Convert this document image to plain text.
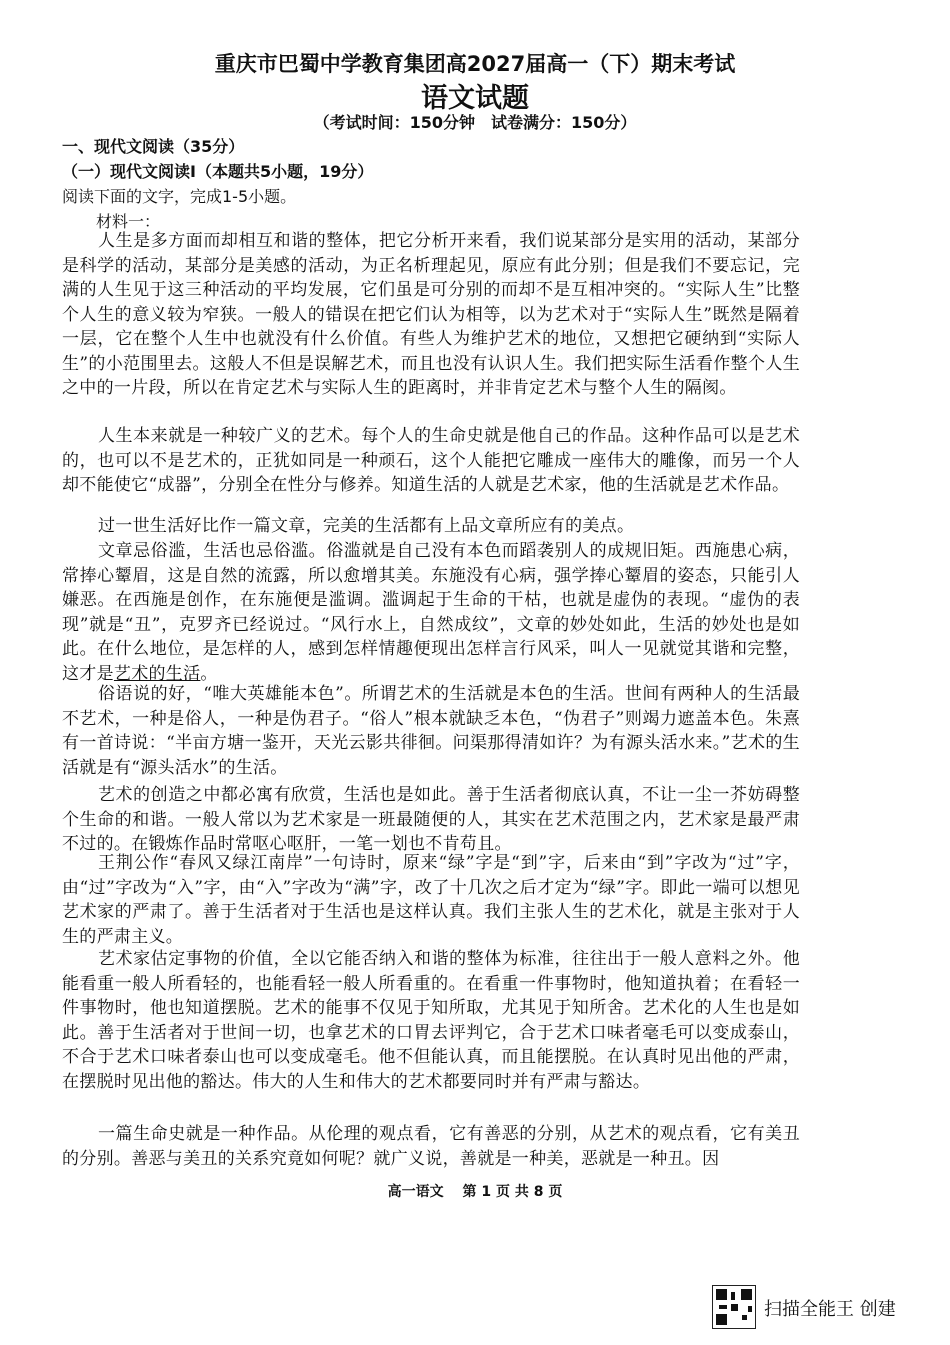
重庆市巴蜀中学教育集团高2027届高一（下）期末考试
语文试题
（考试时间：150分钟　试卷满分：150分）
一、现代文阅读（35分）
（一）现代文阅读Ⅰ（本题共5小题，19分）
阅读下面的文字，完成1-5小题。
材料一：

人生是多方面而却相互和谐的整体，把它分析开来看，我们说某部分是实用的活动，某部分是科学的活动，某部分是美感的活动，为正名析理起见，原应有此分别；但是我们不要忘记，完满的人生见于这三种活动的平均发展，它们虽是可分别的而却不是互相冲突的。“实际人生”比整个人生的意义较为窄狭。一般人的错误在把它们认为相等，以为艺术对于“实际人生”既然是隔着一层，它在整个人生中也就没有什么价值。有些人为维护艺术的地位，又想把它硬纳到“实际人生”的小范围里去。这般人不但是误解艺术，而且也没有认识人生。我们把实际生活看作整个人生之中的一片段，所以在肯定艺术与实际人生的距离时，并非肯定艺术与整个人生的隔阂。

人生本来就是一种较广义的艺术。每个人的生命史就是他自己的作品。这种作品可以是艺术的，也可以不是艺术的，正犹如同是一种顽石，这个人能把它雕成一座伟大的雕像，而另一个人却不能使它“成器”，分别全在性分与修养。知道生活的人就是艺术家，他的生活就是艺术作品。

过一世生活好比作一篇文章，完美的生活都有上品文章所应有的美点。

文章忌俗滥，生活也忌俗滥。俗滥就是自己没有本色而蹈袭别人的成规旧矩。西施患心病，常捧心颦眉，这是自然的流露，所以愈增其美。东施没有心病，强学捧心颦眉的姿态，只能引人嫌恶。在西施是创作，在东施便是滥调。滥调起于生命的干枯，也就是虚伪的表现。“虚伪的表现”就是“丑”，克罗齐已经说过。“风行水上，自然成纹”，文章的妙处如此，生活的妙处也是如此。在什么地位，是怎样的人，感到怎样情趣便现出怎样言行风采，叫人一见就觉其谐和完整，这才是艺术的生活。

俗语说的好，“唯大英雄能本色”。所谓艺术的生活就是本色的生活。世间有两种人的生活最不艺术，一种是俗人，一种是伪君子。“俗人”根本就缺乏本色，“伪君子”则竭力遮盖本色。朱熹有一首诗说：“半亩方塘一鉴开，天光云影共徘徊。问渠那得清如许？为有源头活水来。”艺术的生活就是有“源头活水”的生活。

艺术的创造之中都必寓有欣赏，生活也是如此。善于生活者彻底认真，不让一尘一芥妨碍整个生命的和谐。一般人常以为艺术家是一班最随便的人，其实在艺术范围之内，艺术家是最严肃不过的。在锻炼作品时常呕心呕肝，一笔一划也不肯苟且。

王荆公作“春风又绿江南岸”一句诗时，原来“绿”字是“到”字，后来由“到”字改为“过”字，由“过”字改为“入”字，由“入”字改为“满”字，改了十几次之后才定为“绿”字。即此一端可以想见艺术家的严肃了。善于生活者对于生活也是这样认真。我们主张人生的艺术化，就是主张对于人生的严肃主义。

艺术家估定事物的价值，全以它能否纳入和谐的整体为标准，往往出于一般人意料之外。他能看重一般人所看轻的，也能看轻一般人所看重的。在看重一件事物时，他知道执着；在看轻一件事物时，他也知道摆脱。艺术的能事不仅见于知所取，尤其见于知所舍。艺术化的人生也是如此。善于生活者对于世间一切，也拿艺术的口胃去评判它，合于艺术口味者毫毛可以变成泰山，不合于艺术口味者泰山也可以变成毫毛。他不但能认真，而且能摆脱。在认真时见出他的严肃，在摆脱时见出他的豁达。伟大的人生和伟大的艺术都要同时并有严肃与豁达。

一篇生命史就是一种作品。从伦理的观点看，它有善恶的分别，从艺术的观点看，它有美丑的分别。善恶与美丑的关系究竟如何呢？就广义说，善就是一种美，恶就是一种丑。因

高一语文　 第 1 页 共 8 页
扫描全能王 创建
